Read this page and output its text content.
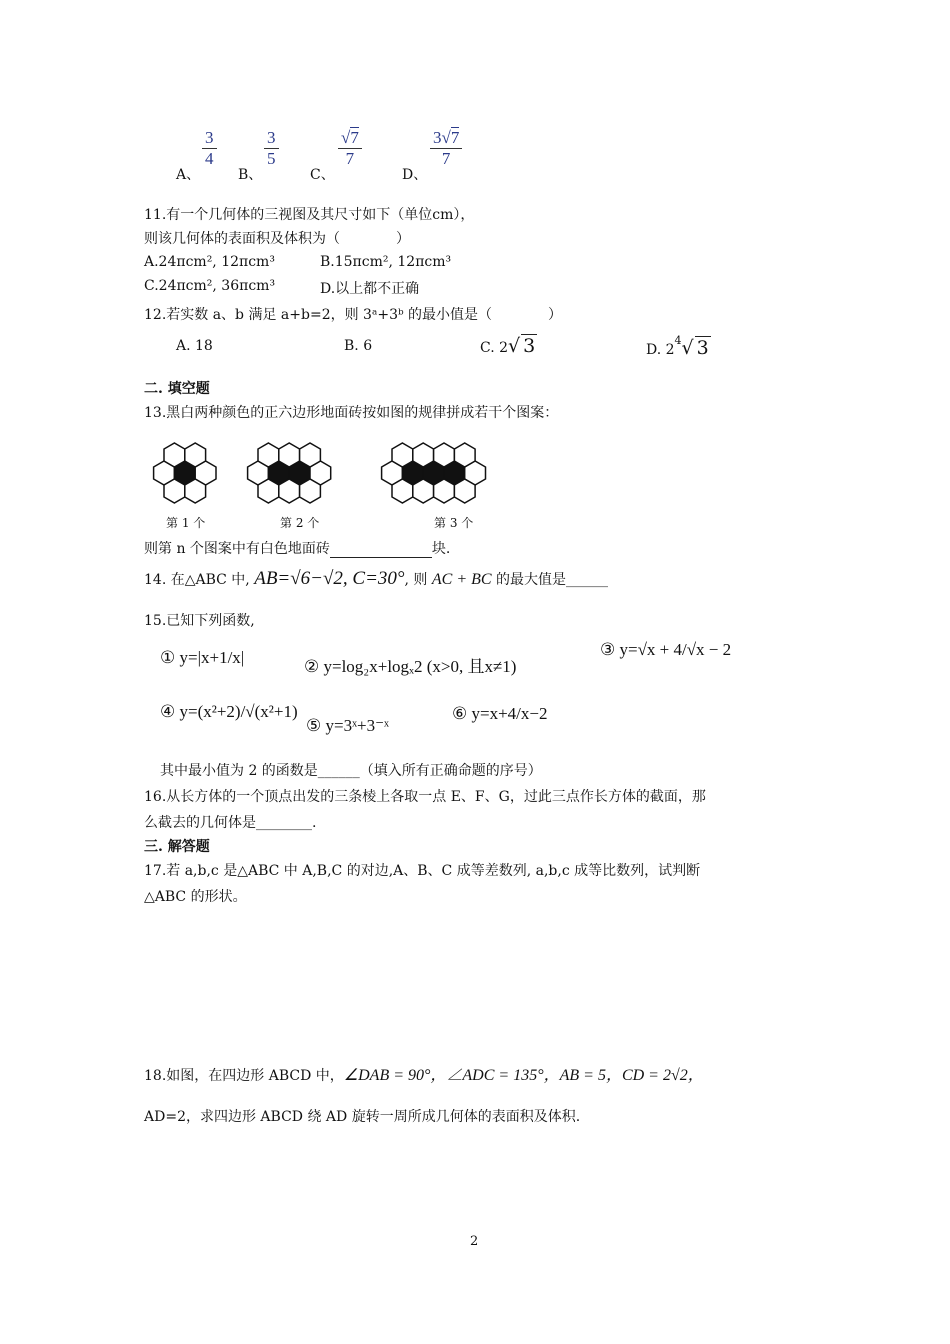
A、
$\frac{3}{4}$
B、
$\frac{3}{5}$
C、
$\frac{√7}{7}$
D、
$\frac{3√7}{7}$
11.有一个几何体的三视图及其尺寸如下（单位cm），
则该几何体的表面积及体积为（　　　　）
A.24πcm², 12πcm³	B.15πcm², 12πcm³
C.24πcm², 36πcm³	D.以上都不正确
12.若实数 a、b 满足 a+b=2，则 3ᵃ+3ᵇ 的最小值是（　　　　）
A. 18	B. 6	C. 2√ 3	D. $2^4√$ 3
二. 填空题
13.黑白两种颜色的正六边形地面砖按如图的规律拼成若干个图案：
第 1 个	第 2 个	第 3 个
则第 n 个图案中有白色地面砖	块.
14. 在△ABC 中, AB=√6−√2, C=30°, 则 AC + BC 的最大值是______
15.已知下列函数,
① y=|x+1/x|	② y=log₂x+logₓ2 (x>0, 且x≠1)
③ y=√x + 4/√x − 2
④ y=(x²+2)/√(x²+1)
⑤ y=3ˣ+3⁻ˣ
⑥ y=x+4/x−2
其中最小值为 2 的函数是______（填入所有正确命题的序号）
16.从长方体的一个顶点出发的三条棱上各取一点 E、F、G，过此三点作长方体的截面，那
么截去的几何体是________.
三. 解答题
17.若 a,b,c 是△ABC 中 A,B,C 的对边,A、B、C 成等差数列, a,b,c 成等比数列，试判断
△ABC 的形状。
18.如图，在四边形 ABCD 中，∠DAB = 90°，∠ADC = 135°，AB = 5，CD = 2√2，
AD=2，求四边形 ABCD 绕 AD 旋转一周所成几何体的表面积及体积.
2
